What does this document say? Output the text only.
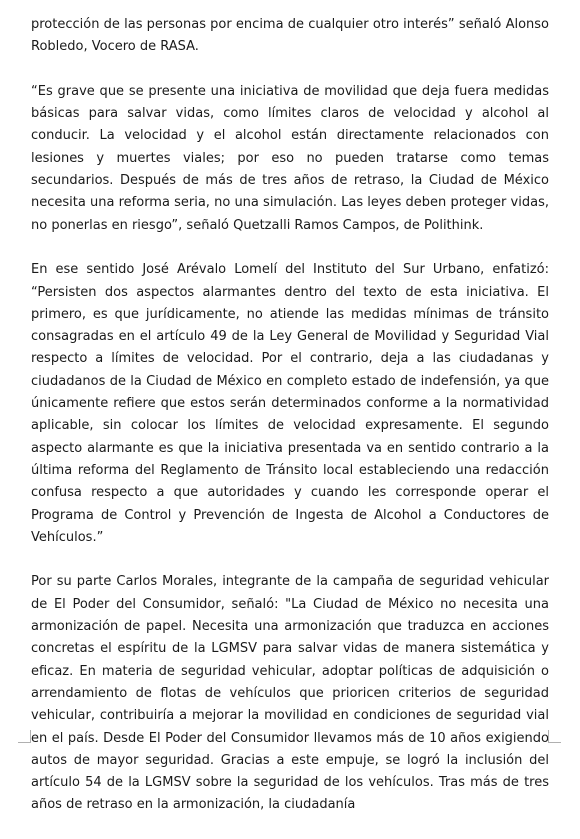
protección de las personas por encima de cualquier otro interés” señaló Alonso Robledo, Vocero de RASA.

“Es grave que se presente una iniciativa de movilidad que deja fuera medidas básicas para salvar vidas, como límites claros de velocidad y alcohol al conducir. La velocidad y el alcohol están directamente relacionados con lesiones y muertes viales; por eso no pueden tratarse como temas secundarios. Después de más de tres años de retraso, la Ciudad de México necesita una reforma seria, no una simulación. Las leyes deben proteger vidas, no ponerlas en riesgo”, señaló Quetzalli Ramos Campos, de Polithink.

En ese sentido José Arévalo Lomelí del Instituto del Sur Urbano, enfatizó: “Persisten dos aspectos alarmantes dentro del texto de esta iniciativa. El primero, es que jurídicamente, no atiende las medidas mínimas de tránsito consagradas en el artículo 49 de la Ley General de Movilidad y Seguridad Vial respecto a límites de velocidad. Por el contrario, deja a las ciudadanas y ciudadanos de la Ciudad de México en completo estado de indefensión, ya que únicamente refiere que estos serán determinados conforme a la normatividad aplicable, sin colocar los límites de velocidad expresamente. El segundo aspecto alarmante es que la iniciativa presentada va en sentido contrario a la última reforma del Reglamento de Tránsito local estableciendo una redacción confusa respecto a que autoridades y cuando les corresponde operar el Programa de Control y Prevención de Ingesta de Alcohol a Conductores de Vehículos.”

Por su parte Carlos Morales, integrante de la campaña de seguridad vehicular de El Poder del Consumidor, señaló: "La Ciudad de México no necesita una armonización de papel. Necesita una armonización que traduzca en acciones concretas el espíritu de la LGMSV para salvar vidas de manera sistemática y eficaz. En materia de seguridad vehicular, adoptar políticas de adquisición o arrendamiento de flotas de vehículos que prioricen criterios de seguridad vehicular, contribuiría a mejorar la movilidad en condiciones de seguridad vial en el país. Desde El Poder del Consumidor llevamos más de 10 años exigiendo autos de mayor seguridad. Gracias a este empuje, se logró la inclusión del artículo 54 de la LGMSV sobre la seguridad de los vehículos. Tras más de tres años de retraso en la armonización, la ciudadanía
